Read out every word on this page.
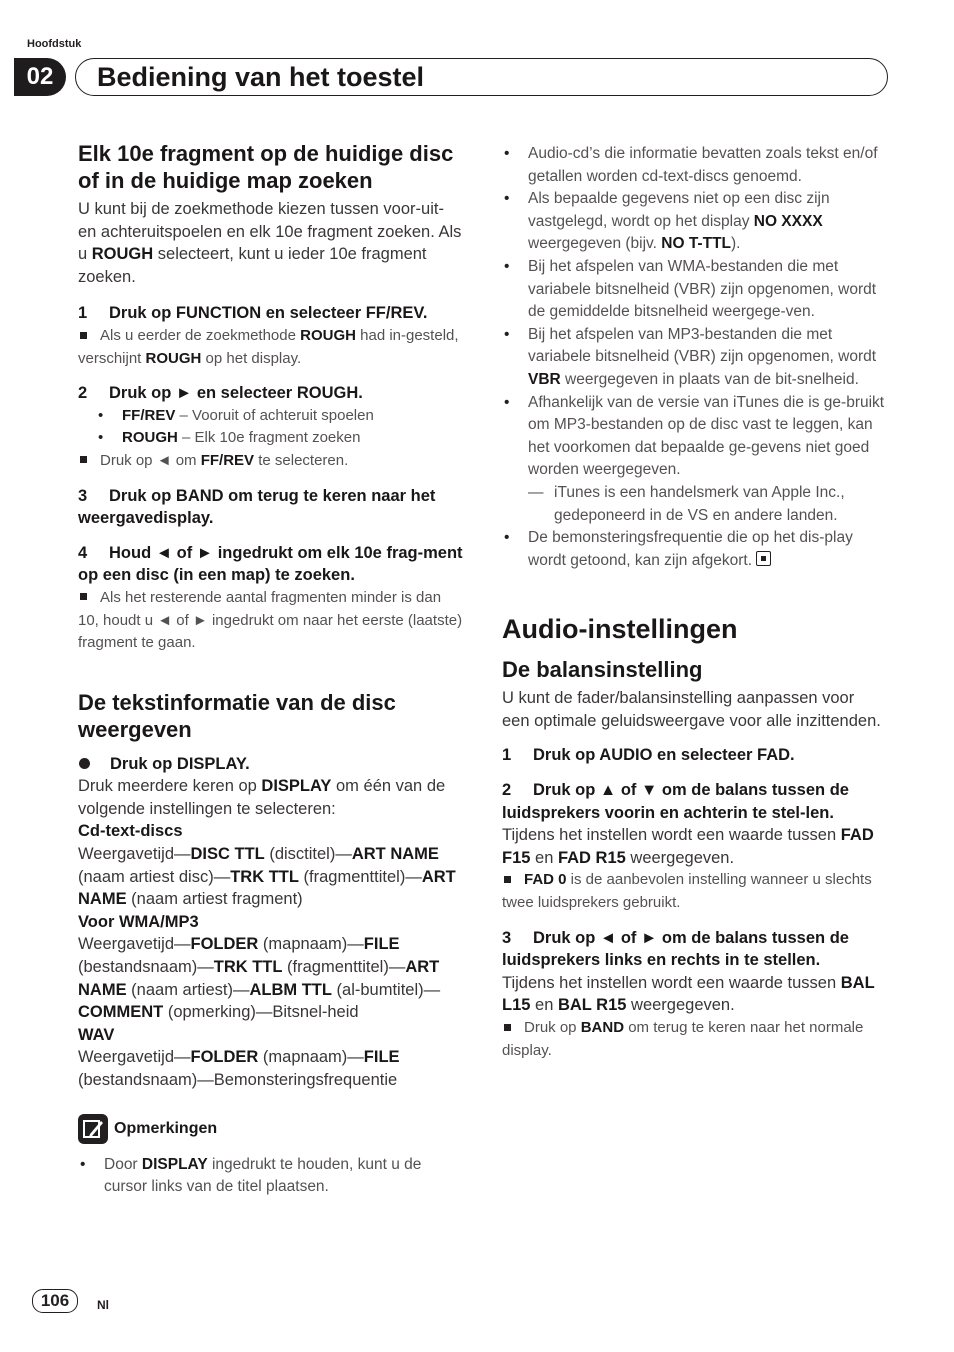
Hoofdstuk
02	Bediening van het toestel
Elk 10e fragment op de huidige disc of in de huidige map zoeken

U kunt bij de zoekmethode kiezen tussen voor-uit- en achteruitspoelen en elk 10e fragment zoeken. Als u ROUGH selecteert, kunt u ieder 10e fragment zoeken.

1 Druk op FUNCTION en selecteer FF/REV.

Als u eerder de zoekmethode ROUGH had in-gesteld, verschijnt ROUGH op het display.

2 Druk op ► en selecteer ROUGH.

• FF/REV – Vooruit of achteruit spoelen
• ROUGH – Elk 10e fragment zoeken

Druk op ◄ om FF/REV te selecteren.

3 Druk op BAND om terug te keren naar het weergavedisplay.

4 Houd ◄ of ► ingedrukt om elk 10e frag-ment op een disc (in een map) te zoeken.

Als het resterende aantal fragmenten minder is dan 10, houdt u ◄ of ► ingedrukt om naar het eerste (laatste) fragment te gaan.

De tekstinformatie van de disc weergeven

Druk op DISPLAY.

Druk meerdere keren op DISPLAY om één van de volgende instellingen te selecteren:

Cd-text-discs

Weergavetijd—DISC TTL (disctitel)—ART NAME (naam artiest disc)—TRK TTL (fragmenttitel)—ART NAME (naam artiest fragment)

Voor WMA/MP3

Weergavetijd—FOLDER (mapnaam)—FILE (bestandsnaam)—TRK TTL (fragmenttitel)—ART NAME (naam artiest)—ALBM TTL (al-bumtitel)—COMMENT (opmerking)—Bitsnel-heid

WAV

Weergavetijd—FOLDER (mapnaam)—FILE (bestandsnaam)—Bemonsteringsfrequentie

Opmerkingen
• Door DISPLAY ingedrukt te houden, kunt u de cursor links van de titel plaatsen.
• Audio-cd’s die informatie bevatten zoals tekst en/of getallen worden cd-text-discs genoemd.
• Als bepaalde gegevens niet op een disc zijn vastgelegd, wordt op het display NO XXXX weergegeven (bijv. NO T-TTL).
• Bij het afspelen van WMA-bestanden die met variabele bitsnelheid (VBR) zijn opgenomen, wordt de gemiddelde bitsnelheid weergege-ven.
• Bij het afspelen van MP3-bestanden die met variabele bitsnelheid (VBR) zijn opgenomen, wordt VBR weergegeven in plaats van de bit-snelheid.
• Afhankelijk van de versie van iTunes die is ge-bruikt om MP3-bestanden op de disc vast te leggen, kan het voorkomen dat bepaalde ge-gevens niet goed worden weergegeven.
— iTunes is een handelsmerk van Apple Inc., gedeponeerd in de VS en andere landen.
• De bemonsteringsfrequentie die op het dis-play wordt getoond, kan zijn afgekort.
Audio-instellingen
De balansinstelling

U kunt de fader/balansinstelling aanpassen voor een optimale geluidsweergave voor alle inzittenden.

1 Druk op AUDIO en selecteer FAD.

2 Druk op ▲ of ▼ om de balans tussen de luidsprekers voorin en achterin te stel-len.

Tijdens het instellen wordt een waarde tussen FAD F15 en FAD R15 weergegeven.

FAD 0 is de aanbevolen instelling wanneer u slechts twee luidsprekers gebruikt.

3 Druk op ◄ of ► om de balans tussen de luidsprekers links en rechts in te stellen.

Tijdens het instellen wordt een waarde tussen BAL L15 en BAL R15 weergegeven.

Druk op BAND om terug te keren naar het normale display.

106	Nl
